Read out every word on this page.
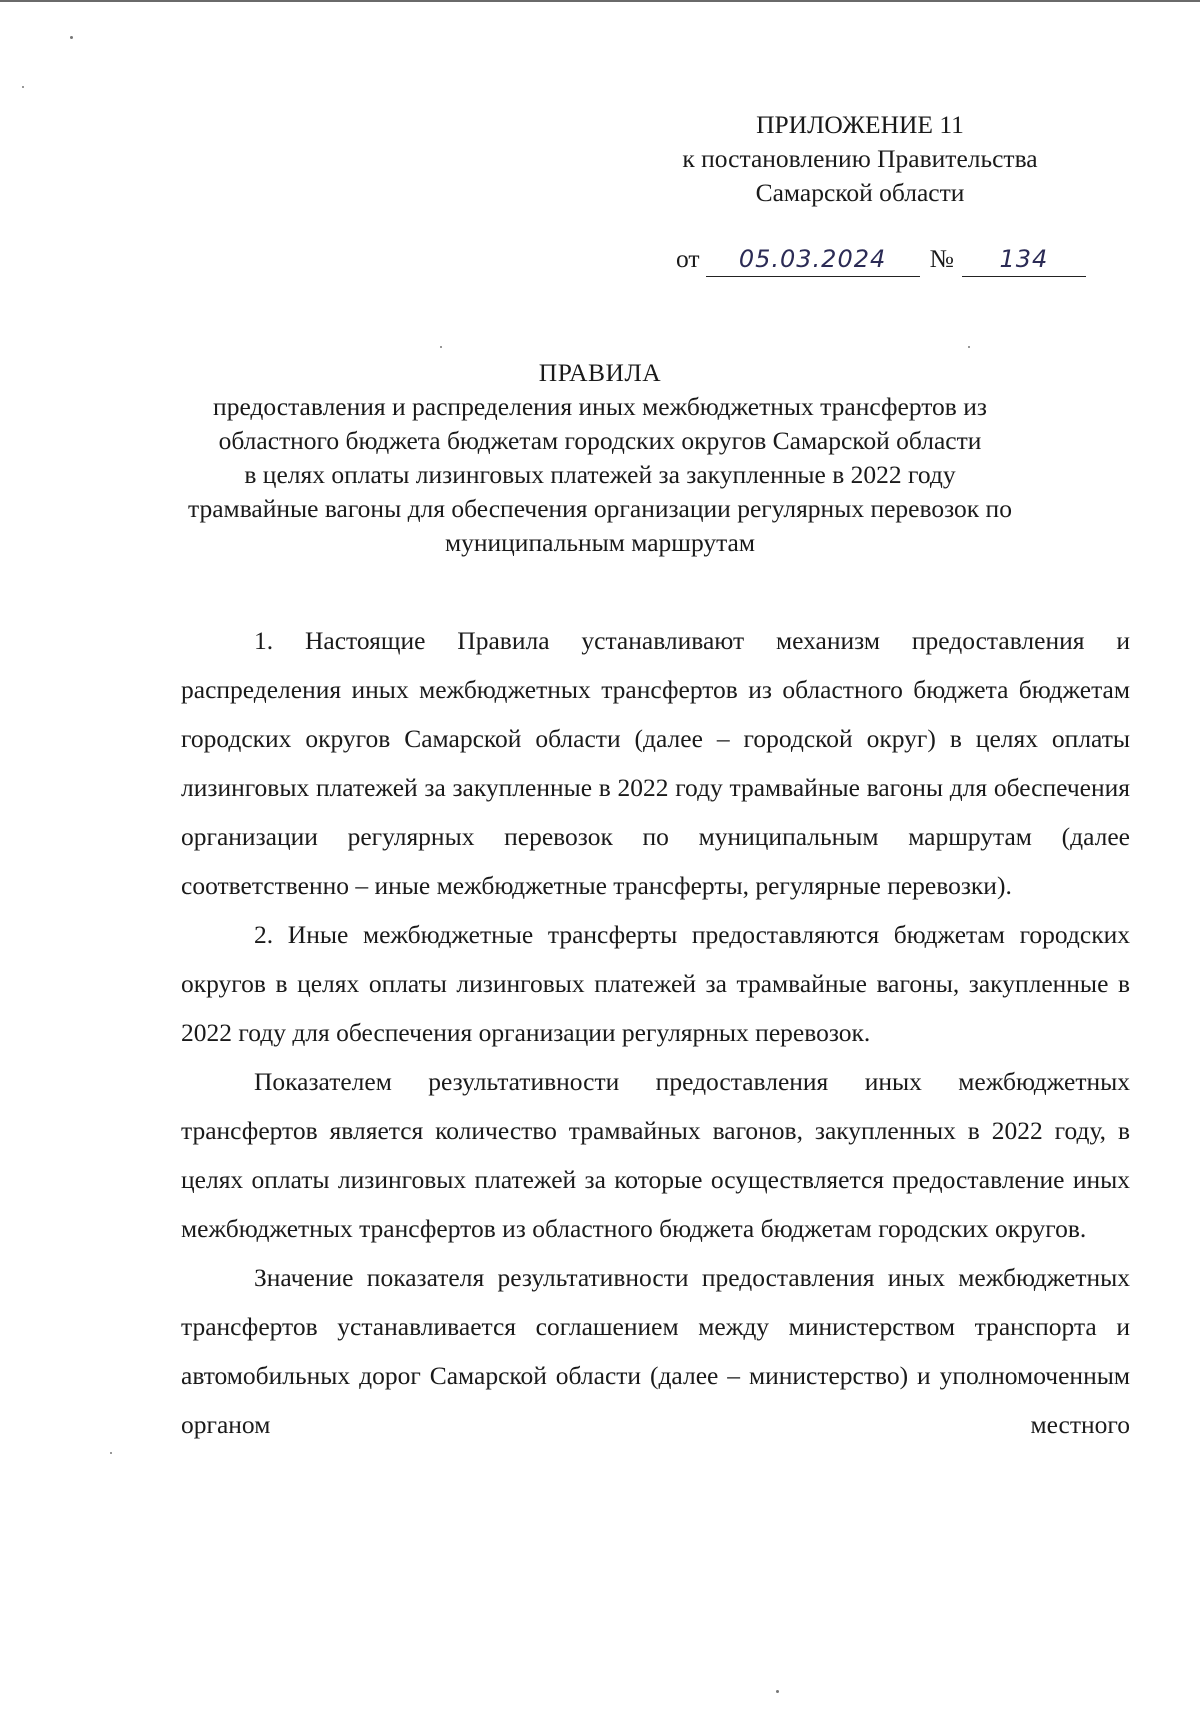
ПРИЛОЖЕНИЕ 11
к постановлению Правительства
Самарской области
от 05.03.2024 № 134
ПРАВИЛА
предоставления и распределения иных межбюджетных трансфертов из
областного бюджета бюджетам городских округов Самарской области
в целях оплаты лизинговых платежей за закупленные в 2022 году
трамвайные вагоны для обеспечения организации регулярных перевозок по
муниципальным маршрутам

1. Настоящие Правила устанавливают механизм предоставления и распределения иных межбюджетных трансфертов из областного бюджета бюджетам городских округов Самарской области (далее – городской округ) в целях оплаты лизинговых платежей за закупленные в 2022 году трамвайные вагоны для обеспечения организации регулярных перевозок по муниципальным маршрутам (далее соответственно – иные межбюджетные трансферты, регулярные перевозки).

2. Иные межбюджетные трансферты предоставляются бюджетам городских округов в целях оплаты лизинговых платежей за трамвайные вагоны, закупленные в 2022 году для обеспечения организации регулярных перевозок.

Показателем результативности предоставления иных межбюджетных трансфертов является количество трамвайных вагонов, закупленных в 2022 году, в целях оплаты лизинговых платежей за которые осуществляется предоставление иных межбюджетных трансфертов из областного бюджета бюджетам городских округов.

Значение показателя результативности предоставления иных межбюджетных трансфертов устанавливается соглашением между министерством транспорта и автомобильных дорог Самарской области (далее – министерство) и уполномоченным органом местного
